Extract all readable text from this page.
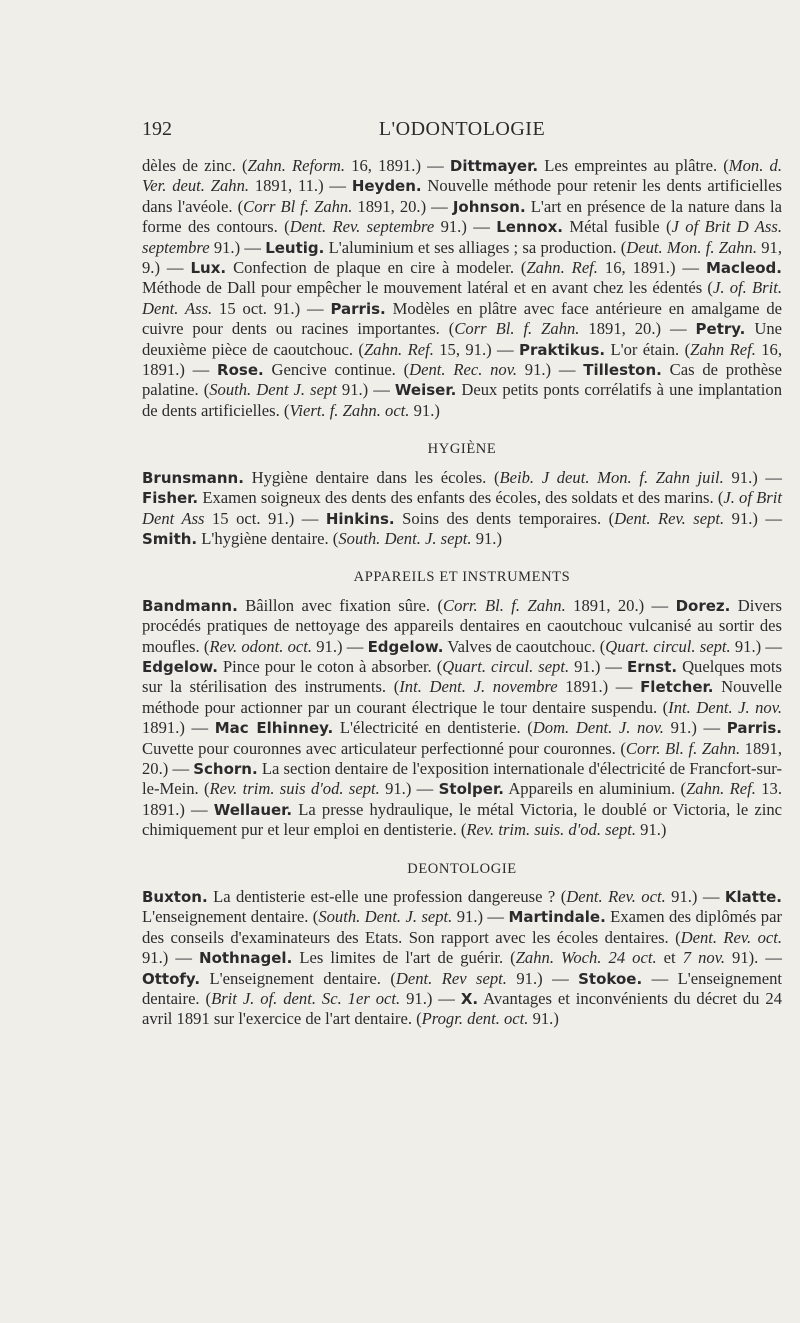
192	L'ODONTOLOGIE

dèles de zinc. (Zahn. Reform. 16, 1891.) — Dittmayer. Les empreintes au plâtre. (Mon. d. Ver. deut. Zahn. 1891, 11.) — Heyden. Nouvelle méthode pour retenir les dents artificielles dans l'avéole. (Corr Bl f. Zahn. 1891, 20.) — Johnson. L'art en présence de la nature dans la forme des contours. (Dent. Rev. septembre 91.) — Lennox. Métal fusible (J of Brit D Ass. septembre 91.) — Leutig. L'aluminium et ses alliages ; sa production. (Deut. Mon. f. Zahn. 91, 9.) — Lux. Confection de plaque en cire à modeler. (Zahn. Ref. 16, 1891.) — Macleod. Méthode de Dall pour empêcher le mouvement latéral et en avant chez les édentés (J. of. Brit. Dent. Ass. 15 oct. 91.) — Parris. Modèles en plâtre avec face antérieure en amalgame de cuivre pour dents ou racines importantes. (Corr Bl. f. Zahn. 1891, 20.) — Petry. Une deuxième pièce de caoutchouc. (Zahn. Ref. 15, 91.) — Praktikus. L'or étain. (Zahn Ref. 16, 1891.) — Rose. Gencive continue. (Dent. Rec. nov. 91.) — Tilleston. Cas de prothèse palatine. (South. Dent J. sept 91.) — Weiser. Deux petits ponts corrélatifs à une implantation de dents artificielles. (Viert. f. Zahn. oct. 91.)

HYGIÈNE

Brunsmann. Hygiène dentaire dans les écoles. (Beib. J deut. Mon. f. Zahn juil. 91.) — Fisher. Examen soigneux des dents des enfants des écoles, des soldats et des marins. (J. of Brit Dent Ass 15 oct. 91.) — Hinkins. Soins des dents temporaires. (Dent. Rev. sept. 91.) — Smith. L'hygiène dentaire. (South. Dent. J. sept. 91.)

APPAREILS ET INSTRUMENTS

Bandmann. Bâillon avec fixation sûre. (Corr. Bl. f. Zahn. 1891, 20.) — Dorez. Divers procédés pratiques de nettoyage des appareils dentaires en caoutchouc vulcanisé au sortir des moufles. (Rev. odont. oct. 91.) — Edgelow. Valves de caoutchouc. (Quart. circul. sept. 91.) — Edgelow. Pince pour le coton à absorber. (Quart. circul. sept. 91.) — Ernst. Quelques mots sur la stérilisation des instruments. (Int. Dent. J. novembre 1891.) — Fletcher. Nouvelle méthode pour actionner par un courant électrique le tour dentaire suspendu. (Int. Dent. J. nov. 1891.) — Mac Elhinney. L'électricité en dentisterie. (Dom. Dent. J. nov. 91.) — Parris. Cuvette pour couronnes avec articulateur perfectionné pour couronnes. (Corr. Bl. f. Zahn. 1891, 20.) — Schorn. La section dentaire de l'exposition internationale d'électricité de Francfort-sur-le-Mein. (Rev. trim. suis d'od. sept. 91.) — Stolper. Appareils en aluminium. (Zahn. Ref. 13. 1891.) — Wellauer. La presse hydraulique, le métal Victoria, le doublé or Victoria, le zinc chimiquement pur et leur emploi en dentisterie. (Rev. trim. suis. d'od. sept. 91.)

DEONTOLOGIE

Buxton. La dentisterie est-elle une profession dangereuse ? (Dent. Rev. oct. 91.) — Klatte. L'enseignement dentaire. (South. Dent. J. sept. 91.) — Martindale. Examen des diplômés par des conseils d'examinateurs des Etats. Son rapport avec les écoles dentaires. (Dent. Rev. oct. 91.) — Nothnagel. Les limites de l'art de guérir. (Zahn. Woch. 24 oct. et 7 nov. 91). — Ottofy. L'enseignement dentaire. (Dent. Rev sept. 91.) — Stokoe. — L'enseignement dentaire. (Brit J. of. dent. Sc. 1er oct. 91.) — X. Avantages et inconvénients du décret du 24 avril 1891 sur l'exercice de l'art dentaire. (Progr. dent. oct. 91.)
